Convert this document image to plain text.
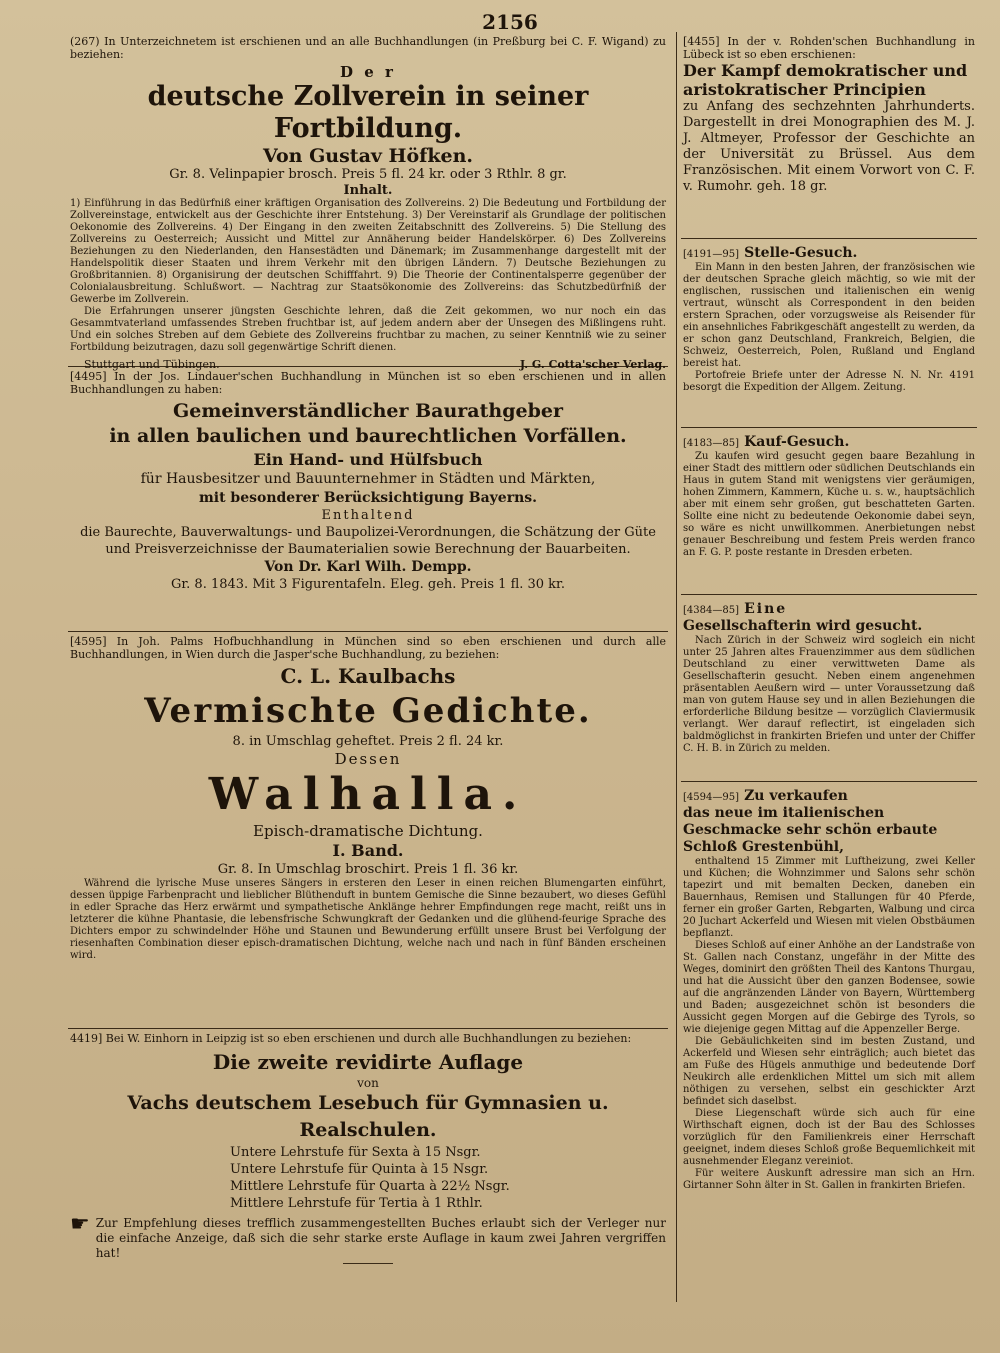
2156
(267) In Unterzeichnetem ist erschienen und an alle Buchhandlungen (in Preßburg bei C. F. Wigand) zu beziehen:
D e r
deutsche Zollverein in seiner Fortbildung.
Von Gustav Höfken.
Gr. 8. Velinpapier brosch. Preis 5 fl. 24 kr. oder 3 Rthlr. 8 gr.
Inhalt.
1) Einführung in das Bedürfniß einer kräftigen Organisation des Zollvereins. 2) Die Bedeutung und Fortbildung der Zollvereinstage, entwickelt aus der Geschichte ihrer Entstehung. 3) Der Vereinstarif als Grundlage der politischen Oekonomie des Zollvereins. 4) Der Eingang in den zweiten Zeitabschnitt des Zollvereins. 5) Die Stellung des Zollvereins zu Oesterreich; Aussicht und Mittel zur Annäherung beider Handelskörper. 6) Des Zollvereins Beziehungen zu den Niederlanden, den Hansestädten und Dänemark; im Zusammenhange dargestellt mit der Handelspolitik dieser Staaten und ihrem Verkehr mit den übrigen Ländern. 7) Deutsche Beziehungen zu Großbritannien. 8) Organisirung der deutschen Schifffahrt. 9) Die Theorie der Continentalsperre gegenüber der Colonialausbreitung. Schlußwort. — Nachtrag zur Staatsökonomie des Zollvereins: das Schutzbedürfniß der Gewerbe im Zollverein.
Die Erfahrungen unserer jüngsten Geschichte lehren, daß die Zeit gekommen, wo nur noch ein das Gesammtvaterland umfassendes Streben fruchtbar ist, auf jedem andern aber der Unsegen des Mißlingens ruht. Und ein solches Streben auf dem Gebiete des Zollvereins fruchtbar zu machen, zu seiner Kenntniß wie zu seiner Fortbildung beizutragen, dazu soll gegenwärtige Schrift dienen.
Stuttgart und Tübingen.	J. G. Cotta'scher Verlag.
[4495] In der Jos. Lindauer'schen Buchhandlung in München ist so eben erschienen und in allen Buchhandlungen zu haben:
Gemeinverständlicher Baurathgeber
in allen baulichen und baurechtlichen Vorfällen.
Ein Hand- und Hülfsbuch
für Hausbesitzer und Bauunternehmer in Städten und Märkten,
mit besonderer Berücksichtigung Bayerns.
Enthaltend
die Baurechte, Bauverwaltungs- und Baupolizei-Verordnungen, die Schätzung der Güte und Preisverzeichnisse der Baumaterialien sowie Berechnung der Bauarbeiten.
Von Dr. Karl Wilh. Dempp.
Gr. 8. 1843. Mit 3 Figurentafeln. Eleg. geh. Preis 1 fl. 30 kr.
[4595] In Joh. Palms Hofbuchhandlung in München sind so eben erschienen und durch alle Buchhandlungen, in Wien durch die Jasper'sche Buchhandlung, zu beziehen:
C. L. Kaulbachs
Vermischte Gedichte.
8. in Umschlag geheftet. Preis 2 fl. 24 kr.
Dessen
Walhalla.
Episch-dramatische Dichtung.
I. Band.
Gr. 8. In Umschlag broschirt. Preis 1 fl. 36 kr.
Während die lyrische Muse unseres Sängers in ersteren den Leser in einen reichen Blumengarten einführt, dessen üppige Farbenpracht und lieblicher Blüthenduft in buntem Gemische die Sinne bezaubert, wo dieses Gefühl in edler Sprache das Herz erwärmt und sympathetische Anklänge hehrer Empfindungen rege macht, reißt uns in letzterer die kühne Phantasie, die lebensfrische Schwungkraft der Gedanken und die glühend-feurige Sprache des Dichters empor zu schwindelnder Höhe und Staunen und Bewunderung erfüllt unsere Brust bei Verfolgung der riesenhaften Combination dieser episch-dramatischen Dichtung, welche nach und nach in fünf Bänden erscheinen wird.
4419] Bei W. Einhorn in Leipzig ist so eben erschienen und durch alle Buchhandlungen zu beziehen:
Die zweite revidirte Auflage
von
Vachs deutschem Lesebuch für Gymnasien u. Realschulen.
Untere Lehrstufe für Sexta à 15 Nsgr.
Untere Lehrstufe für Quinta à 15 Nsgr.
Mittlere Lehrstufe für Quarta à 22½ Nsgr.
Mittlere Lehrstufe für Tertia à 1 Rthlr.
☛ Zur Empfehlung dieses trefflich zusammengestellten Buches erlaubt sich der Verleger nur die einfache Anzeige, daß sich die sehr starke erste Auflage in kaum zwei Jahren vergriffen hat!
[4455] In der v. Rohden'schen Buchhandlung in Lübeck ist so eben erschienen:
Der Kampf demokratischer und aristokratischer Principien
zu Anfang des sechzehnten Jahrhunderts. Dargestellt in drei Monographien des M. J. J. Altmeyer, Professor der Geschichte an der Universität zu Brüssel. Aus dem Französischen. Mit einem Vorwort von C. F. v. Rumohr. geh. 18 gr.
[4191—95] Stelle-Gesuch.
Ein Mann in den besten Jahren, der französischen wie der deutschen Sprache gleich mächtig, so wie mit der englischen, russischen und italienischen ein wenig vertraut, wünscht als Correspondent in den beiden erstern Sprachen, oder vorzugsweise als Reisender für ein ansehnliches Fabrikgeschäft angestellt zu werden, da er schon ganz Deutschland, Frankreich, Belgien, die Schweiz, Oesterreich, Polen, Rußland und England bereist hat.
Portofreie Briefe unter der Adresse N. N. Nr. 4191 besorgt die Expedition der Allgem. Zeitung.
[4183—85] Kauf-Gesuch.
Zu kaufen wird gesucht gegen baare Bezahlung in einer Stadt des mittlern oder südlichen Deutschlands ein Haus in gutem Stand mit wenigstens vier geräumigen, hohen Zimmern, Kammern, Küche u. s. w., hauptsächlich aber mit einem sehr großen, gut beschatteten Garten. Sollte eine nicht zu bedeutende Oekonomie dabei seyn, so wäre es nicht unwillkommen. Anerbietungen nebst genauer Beschreibung und festem Preis werden franco an F. G. P. poste restante in Dresden erbeten.
[4384—85] Eine
Gesellschafterin wird gesucht.
Nach Zürich in der Schweiz wird sogleich ein nicht unter 25 Jahren altes Frauenzimmer aus dem südlichen Deutschland zu einer verwittweten Dame als Gesellschafterin gesucht. Neben einem angenehmen präsentablen Aeußern wird — unter Voraussetzung daß man von gutem Hause sey und in allen Beziehungen die erforderliche Bildung besitze — vorzüglich Claviermusik verlangt. Wer darauf reflectirt, ist eingeladen sich baldmöglichst in frankirten Briefen und unter der Chiffer C. H. B. in Zürich zu melden.
[4594—95] Zu verkaufen
das neue im italienischen Geschmacke sehr schön erbaute Schloß Grestenbühl,
enthaltend 15 Zimmer mit Luftheizung, zwei Keller und Küchen; die Wohnzimmer und Salons sehr schön tapezirt und mit bemalten Decken, daneben ein Bauernhaus, Remisen und Stallungen für 40 Pferde, ferner ein großer Garten, Rebgarten, Walbung und circa 20 Juchart Ackerfeld und Wiesen mit vielen Obstbäumen bepflanzt.
Dieses Schloß auf einer Anhöhe an der Landstraße von St. Gallen nach Constanz, ungefähr in der Mitte des Weges, dominirt den größten Theil des Kantons Thurgau, und hat die Aussicht über den ganzen Bodensee, sowie auf die angränzenden Länder von Bayern, Württemberg und Baden; ausgezeichnet schön ist besonders die Aussicht gegen Morgen auf die Gebirge des Tyrols, so wie diejenige gegen Mittag auf die Appenzeller Berge.
Die Gebäulichkeiten sind im besten Zustand, und Ackerfeld und Wiesen sehr einträglich; auch bietet das am Fuße des Hügels anmuthige und bedeutende Dorf Neukirch alle erdenklichen Mittel um sich mit allem nöthigen zu versehen, selbst ein geschickter Arzt befindet sich daselbst.
Diese Liegenschaft würde sich auch für eine Wirthschaft eignen, doch ist der Bau des Schlosses vorzüglich für den Familienkreis einer Herrschaft geeignet, indem dieses Schloß große Bequemlichkeit mit ausnehmender Eleganz vereiniot.
Für weitere Auskunft adressire man sich an Hrn. Girtanner Sohn älter in St. Gallen in frankirten Briefen.
